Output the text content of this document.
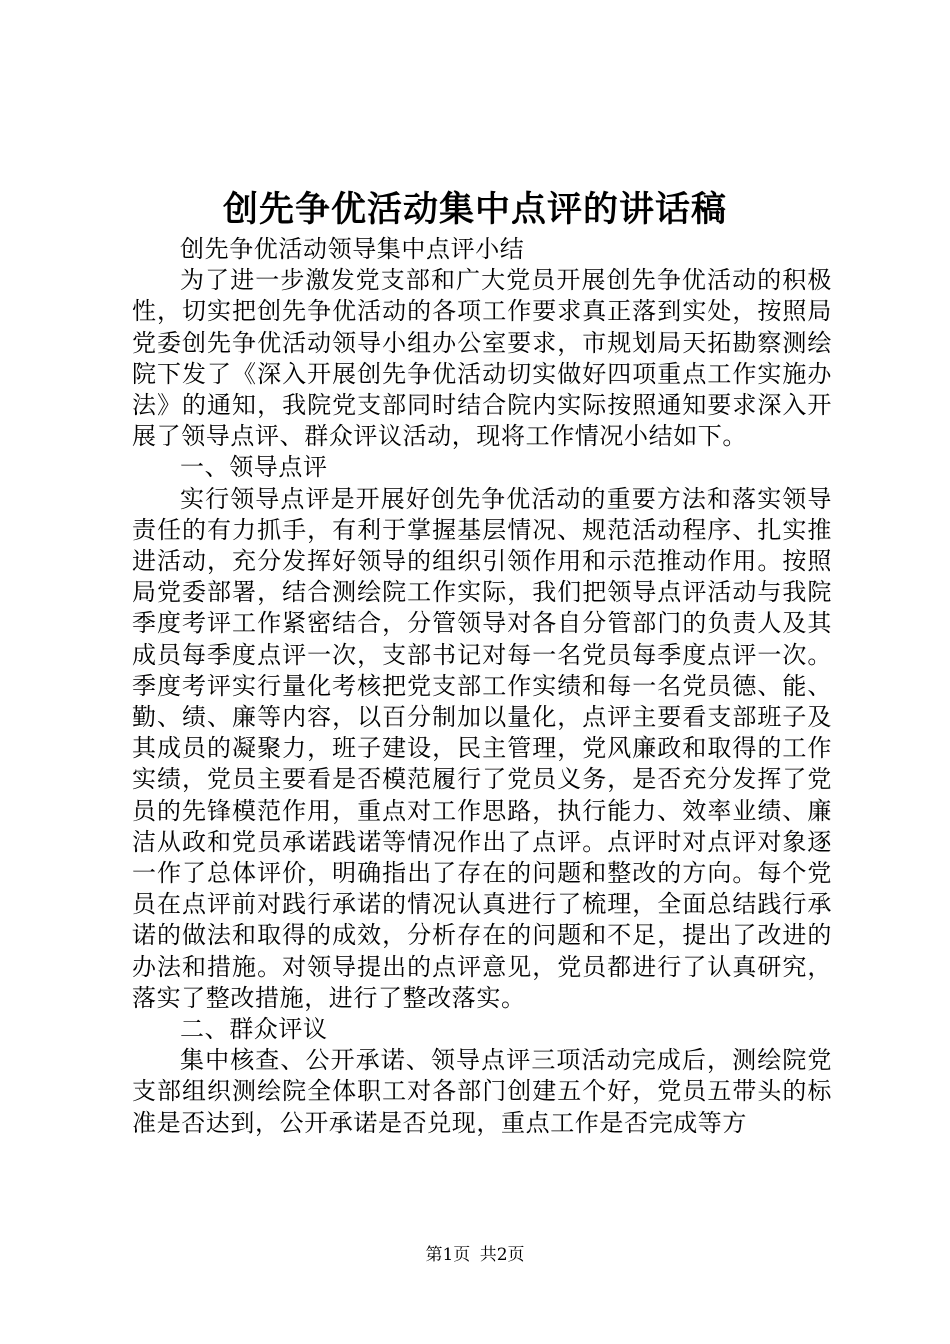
创先争优活动集中点评的讲话稿

创先争优活动领导集中点评小结

为了进一步激发党支部和广大党员开展创先争优活动的积极性，切实把创先争优活动的各项工作要求真正落到实处，按照局党委创先争优活动领导小组办公室要求，市规划局天拓勘察测绘院下发了《深入开展创先争优活动切实做好四项重点工作实施办法》的通知，我院党支部同时结合院内实际按照通知要求深入开展了领导点评、群众评议活动，现将工作情况小结如下。

一、领导点评

实行领导点评是开展好创先争优活动的重要方法和落实领导责任的有力抓手，有利于掌握基层情况、规范活动程序、扎实推进活动，充分发挥好领导的组织引领作用和示范推动作用。按照局党委部署，结合测绘院工作实际，我们把领导点评活动与我院季度考评工作紧密结合，分管领导对各自分管部门的负责人及其成员每季度点评一次，支部书记对每一名党员每季度点评一次。季度考评实行量化考核把党支部工作实绩和每一名党员德、能、勤、绩、廉等内容，以百分制加以量化，点评主要看支部班子及其成员的凝聚力，班子建设，民主管理，党风廉政和取得的工作实绩，党员主要看是否模范履行了党员义务，是否充分发挥了党员的先锋模范作用，重点对工作思路，执行能力、效率业绩、廉洁从政和党员承诺践诺等情况作出了点评。点评时对点评对象逐一作了总体评价，明确指出了存在的问题和整改的方向。每个党员在点评前对践行承诺的情况认真进行了梳理，全面总结践行承诺的做法和取得的成效，分析存在的问题和不足，提出了改进的办法和措施。对领导提出的点评意见，党员都进行了认真研究，落实了整改措施，进行了整改落实。

二、群众评议

集中核查、公开承诺、领导点评三项活动完成后，测绘院党支部组织测绘院全体职工对各部门创建五个好，党员五带头的标准是否达到，公开承诺是否兑现，重点工作是否完成等方

第1页 共2页
